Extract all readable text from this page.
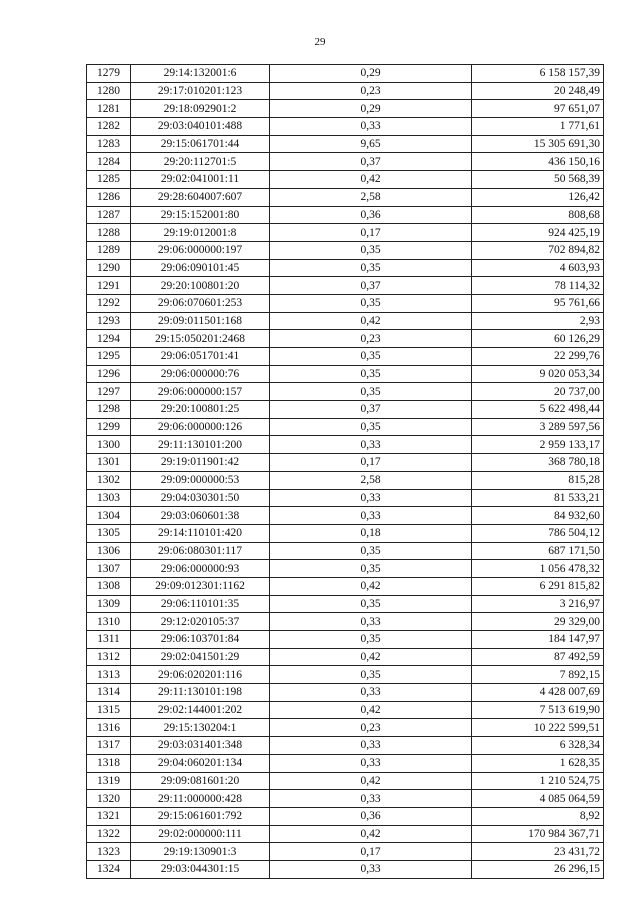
29
1279	29:14:132001:6	0,29	6 158 157,39
1280	29:17:010201:123	0,23	20 248,49
1281	29:18:092901:2	0,29	97 651,07
1282	29:03:040101:488	0,33	1 771,61
1283	29:15:061701:44	9,65	15 305 691,30
1284	29:20:112701:5	0,37	436 150,16
1285	29:02:041001:11	0,42	50 568,39
1286	29:28:604007:607	2,58	126,42
1287	29:15:152001:80	0,36	808,68
1288	29:19:012001:8	0,17	924 425,19
1289	29:06:000000:197	0,35	702 894,82
1290	29:06:090101:45	0,35	4 603,93
1291	29:20:100801:20	0,37	78 114,32
1292	29:06:070601:253	0,35	95 761,66
1293	29:09:011501:168	0,42	2,93
1294	29:15:050201:2468	0,23	60 126,29
1295	29:06:051701:41	0,35	22 299,76
1296	29:06:000000:76	0,35	9 020 053,34
1297	29:06:000000:157	0,35	20 737,00
1298	29:20:100801:25	0,37	5 622 498,44
1299	29:06:000000:126	0,35	3 289 597,56
1300	29:11:130101:200	0,33	2 959 133,17
1301	29:19:011901:42	0,17	368 780,18
1302	29:09:000000:53	2,58	815,28
1303	29:04:030301:50	0,33	81 533,21
1304	29:03:060601:38	0,33	84 932,60
1305	29:14:110101:420	0,18	786 504,12
1306	29:06:080301:117	0,35	687 171,50
1307	29:06:000000:93	0,35	1 056 478,32
1308	29:09:012301:1162	0,42	6 291 815,82
1309	29:06:110101:35	0,35	3 216,97
1310	29:12:020105:37	0,33	29 329,00
1311	29:06:103701:84	0,35	184 147,97
1312	29:02:041501:29	0,42	87 492,59
1313	29:06:020201:116	0,35	7 892,15
1314	29:11:130101:198	0,33	4 428 007,69
1315	29:02:144001:202	0,42	7 513 619,90
1316	29:15:130204:1	0,23	10 222 599,51
1317	29:03:031401:348	0,33	6 328,34
1318	29:04:060201:134	0,33	1 628,35
1319	29:09:081601:20	0,42	1 210 524,75
1320	29:11:000000:428	0,33	4 085 064,59
1321	29:15:061601:792	0,36	8,92
1322	29:02:000000:111	0,42	170 984 367,71
1323	29:19:130901:3	0,17	23 431,72
1324	29:03:044301:15	0,33	26 296,15
